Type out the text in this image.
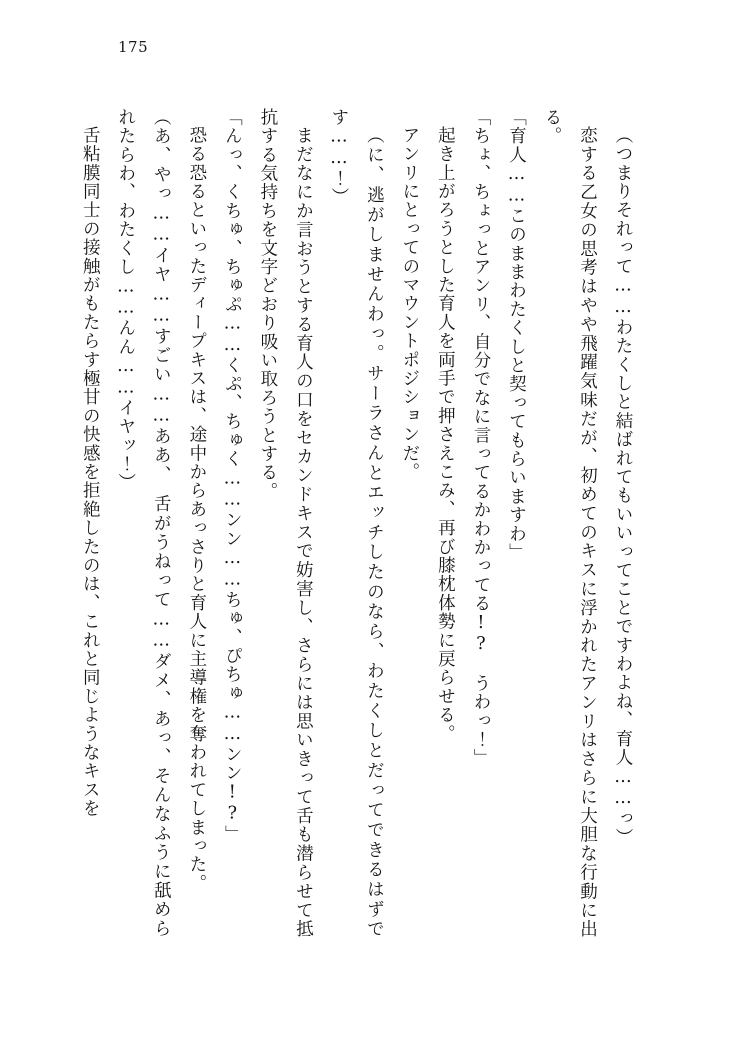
175

（つまりそれって……わたくしと結ばれてもいいってことですわよね、育人……っ）

恋する乙女の思考はやや飛躍気味だが、初めてのキスに浮かれたアンリはさらに大胆な行動に出る。

「育人……このままわたくしと契ってもらいますわ」

「ちょ、ちょっとアンリ、自分でなに言ってるかわかってる!?　うわっ！」

起き上がろうとした育人を両手で押さえこみ、再び膝枕体勢に戻らせる。

アンリにとってのマウントポジションだ。

（に、逃がしませんわっ。サーラさんとエッチしたのなら、わたくしとだってできるはずです……！）

まだなにか言おうとする育人の口をセカンドキスで妨害し、さらには思いきって舌も潜らせて抵抗する気持ちを文字どおり吸い取ろうとする。

「んっ、くちゅ、ちゅぷ……くぷ、ちゅく……ンン……ちゅ、ぴちゅ……ンン!?」

恐る恐るといったディープキスは、途中からあっさりと育人に主導権を奪われてしまった。

（あ、やっ……イヤ……すごい……ああ、　舌がうねって……ダメ、あっ、そんなふうに舐められたらわ、わたくし……んん……イヤッ！）

舌粘膜同士の接触がもたらす極甘の快感を拒絶したのは、これと同じようなキスを
